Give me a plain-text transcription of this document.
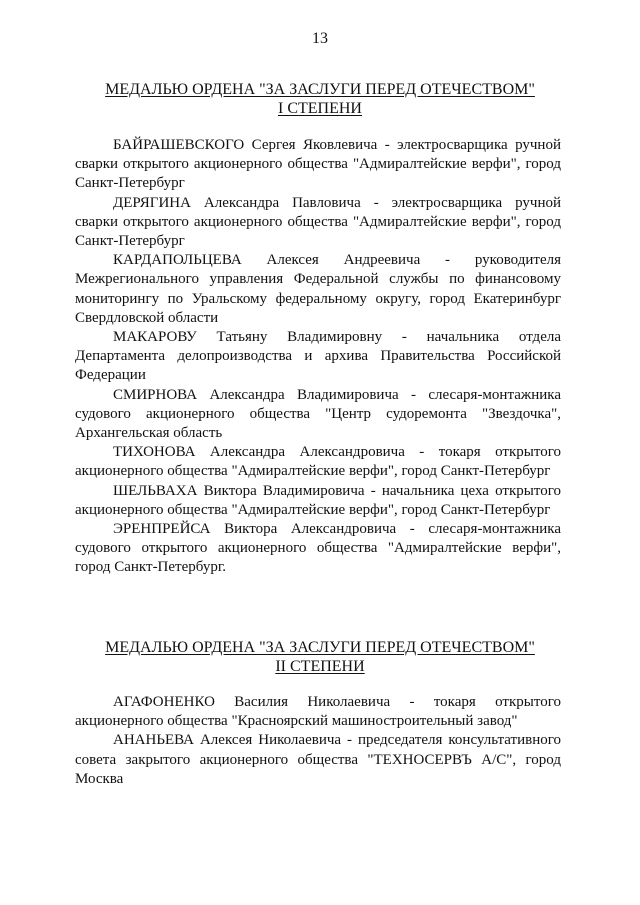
13
МЕДАЛЬЮ ОРДЕНА "ЗА ЗАСЛУГИ ПЕРЕД ОТЕЧЕСТВОМ"
I СТЕПЕНИ

БАЙРАШЕВСКОГО Сергея Яковлевича - электросварщика ручной сварки открытого акционерного общества "Адмиралтейские верфи", город Санкт-Петербург

ДЕРЯГИНА Александра Павловича - электросварщика ручной сварки открытого акционерного общества "Адмиралтейские верфи", город Санкт-Петербург

КАРДАПОЛЬЦЕВА Алексея Андреевича - руководителя Межрегионального управления Федеральной службы по финансовому мониторингу по Уральскому федеральному округу, город Екатеринбург Свердловской области

МАКАРОВУ Татьяну Владимировну - начальника отдела Департамента делопроизводства и архива Правительства Российской Федерации

СМИРНОВА Александра Владимировича - слесаря-монтажника судового акционерного общества "Центр судоремонта "Звездочка", Архангельская область

ТИХОНОВА Александра Александровича - токаря открытого акционерного общества "Адмиралтейские верфи", город Санкт-Петербург

ШЕЛЬВАХА Виктора Владимировича - начальника цеха открытого акционерного общества "Адмиралтейские верфи", город Санкт-Петербург

ЭРЕНПРЕЙСА Виктора Александровича - слесаря-монтажника судового открытого акционерного общества "Адмиралтейские верфи", город Санкт-Петербург.

МЕДАЛЬЮ ОРДЕНА "ЗА ЗАСЛУГИ ПЕРЕД ОТЕЧЕСТВОМ"
II СТЕПЕНИ

АГАФОНЕНКО Василия Николаевича - токаря открытого акционерного общества "Красноярский машиностроительный завод"

АНАНЬЕВА Алексея Николаевича - председателя консультативного совета закрытого акционерного общества "ТЕХНОСЕРВЪ А/С", город Москва
